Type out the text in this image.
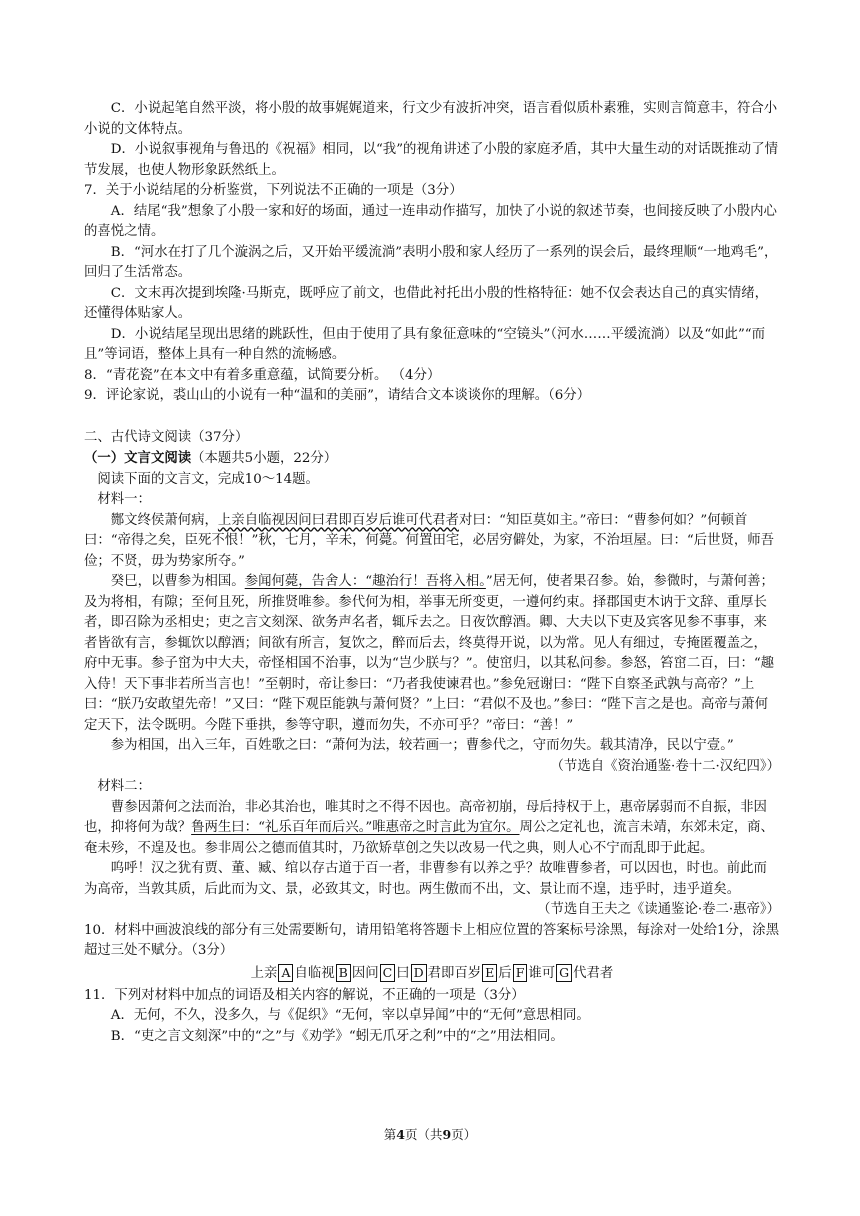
C．小说起笔自然平淡，将小殷的故事娓娓道来，行文少有波折冲突，语言看似质朴素雅，实则言简意丰，符合小小说的文体特点。
D．小说叙事视角与鲁迅的《祝福》相同，以“我”的视角讲述了小殷的家庭矛盾，其中大量生动的对话既推动了情节发展，也使人物形象跃然纸上。
7．关于小说结尾的分析鉴赏，下列说法不正确的一项是（3分）
A．结尾“我”想象了小殷一家和好的场面，通过一连串动作描写，加快了小说的叙述节奏，也间接反映了小殷内心的喜悦之情。
B．“河水在打了几个漩涡之后，又开始平缓流淌”表明小殷和家人经历了一系列的误会后，最终理顺“一地鸡毛”，回归了生活常态。
C．文末再次提到埃隆·马斯克，既呼应了前文，也借此衬托出小殷的性格特征：她不仅会表达自己的真实情绪，还懂得体贴家人。
D．小说结尾呈现出思绪的跳跃性，但由于使用了具有象征意味的“空镜头”（河水……平缓流淌）以及“如此”“而且”等词语，整体上具有一种自然的流畅感。
8．“青花瓷”在本文中有着多重意蕴，试简要分析。 （4分）
9．评论家说，裘山山的小说有一种“温和的美丽”，请结合文本谈谈你的理解。（6分）
二、古代诗文阅读（37分）
（一）文言文阅读（本题共5小题，22分）
阅读下面的文言文，完成10～14题。
材料一：
酂文终侯萧何病，上亲自临视因问曰君即百岁后谁可代君者对曰：“知臣莫如主。”帝曰：“曹参何如？”何顿首曰：“帝得之矣，臣死不恨！”秋，七月，辛未，何薨。何置田宅，必居穷僻处，为家，不治垣屋。曰：“后世贤，师吾俭；不贤，毋为势家所夺。”
癸巳，以曹参为相国。参闻何薨，告舍人：“趣治行！吾将入相。”居无何，使者果召参。始，参微时，与萧何善；及为将相，有隙；至何且死，所推贤唯参。参代何为相，举事无所变更，一遵何约束。择郡国吏木讷于文辞、重厚长者，即召除为丞相史；吏之言文刻深、欲务声名者，辄斥去之。日夜饮醇酒。卿、大夫以下吏及宾客见参不事事，来者皆欲有言，参辄饮以醇酒；间欲有所言，复饮之，醉而后去，终莫得开说，以为常。见人有细过，专掩匿覆盖之，府中无事。参子窋为中大夫，帝怪相国不治事，以为“岂少朕与？”。使窋归，以其私问参。参怒，笞窋二百，曰：“趣入侍！天下事非若所当言也！”至朝时，帝让参曰：“乃者我使谏君也。”参免冠谢曰：“陛下自察圣武孰与高帝？”上曰：“朕乃安敢望先帝！”又曰：“陛下观臣能孰与萧何贤？”上曰：“君似不及也。”参曰：“陛下言之是也。高帝与萧何定天下，法令既明。今陛下垂拱，参等守职，遵而勿失，不亦可乎？”帝曰：“善！”
参为相国，出入三年，百姓歌之曰：“萧何为法，较若画一；曹参代之，守而勿失。载其清净，民以宁壹。”
（节选自《资治通鉴·卷十二·汉纪四》）
材料二：
曹参因萧何之法而治，非必其治也，唯其时之不得不因也。高帝初崩，母后持权于上，惠帝孱弱而不自振，非因也，抑将何为哉？鲁两生曰：“礼乐百年而后兴。”唯惠帝之时言此为宜尔。周公之定礼也，流言未靖，东郊未定，商、奄未殄，不遑及也。参非周公之德而值其时，乃欲矫草创之失以改易一代之典，则人心不宁而乱即于此起。
呜呼！汉之犹有贾、董、臧、绾以存古道于百一者，非曹参有以养之乎？故唯曹参者，可以因也，时也。前此而为高帝，当敦其质，后此而为文、景，必致其文，时也。两生傲而不出，文、景让而不遑，违乎时，违乎道矣。
（节选自王夫之《读通鉴论·卷二·惠帝》）
10．材料中画波浪线的部分有三处需要断句，请用铅笔将答题卡上相应位置的答案标号涂黑，每涂对一处给1分，涂黑超过三处不赋分。（3分）
上亲 A 自临视 B 因问 C 曰 D 君即百岁 E 后 F 谁可 G 代君者
11．下列对材料中加点的词语及相关内容的解说，不正确的一项是（3分）
A．无何，不久，没多久，与《促织》“无何，宰以卓异闻”中的“无何”意思相同。
B．“吏之言文刻深”中的“之”与《劝学》“蚓无爪牙之利”中的“之”用法相同。
第4页（共9页）
